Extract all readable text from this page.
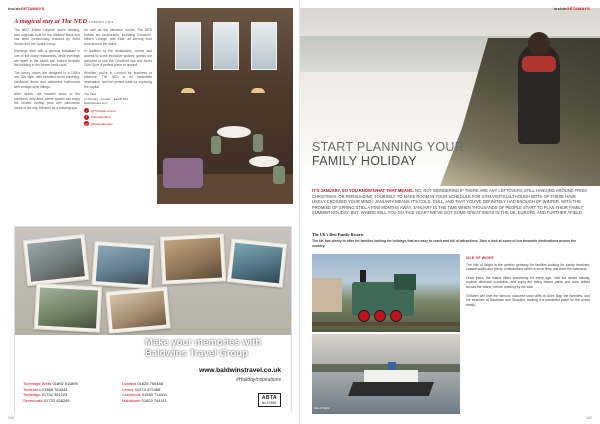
insideGETAWAYS
A magical stay at The NED LONDON CITY

The NED, Edwin Lutyens' iconic building, was originally built for the Midland Bank and has been meticulously restored by Soho House and the Sydell Group.

Mornings start with a glorious breakfast in one of the many restaurants, while evenings are spent in the vaults bar, tucked beneath the building in the former bank vault.

The luxury rooms are designed in a 1920s and 30s style, with beautiful wood panelling, hardwood floors and statement bathrooms with vintage-style fittings.

After dinner, we headed down to the members' only area, where guests can enjoy the heated rooftop pool with panoramic views of the city, followed by a relaxing spa.

As well as the fabulous rooms, The NED boasts ten restaurants, including Cecconi's, Millie's Lounge, and Kaia, all serving food from around the world.

In addition to the restaurants, rooms and access to some exclusive spaces, guests are welcome to use the Cowshed spa and Ned's Club Gym, a perfect place to unwind.

Whether you're in London for business or pleasure, The NED is an irresistible destination, and the perfect base for exploring the capital.

The Ned
27 Poultry · London · EC2R 8AJ
www.thened.com
t	@TheNedLondon
f	/thenedlondon
◎	@thenedlondon
Make your memories with Baldwins Travel Group
www.baldwinstravel.co.uk
#HolidayInspirations
Tonbridge Wells 01892 511899	Uckfield 01825 760488
Tenterden 01580 764344	Lewes 01273 472468
Tonbridge 01732 351223	Cranbrook 01580 714411
Sevenoaks 01732 458255	Maidstone 01622 744111	ABTA
No.V1546
100
insideGETAWAYS
START PLANNING YOUR
FAMILY HOLIDAY
IT'S JANUARY, SO YOU KNOW WHAT THAT MEANS. NO, NOT WONDERING IF THERE ARE ANY LEFTOVERS STILL HANGING AROUND FROM CHRISTMAS, OR PERSUADING YOURSELF TO MAKE ROOM IN YOUR SCHEDULE FOR GYM VISITS (ALTHOUGH BOTH OF THESE HAVE LIKELY CROSSED YOUR MIND). JANUARY MEANS IT'S COLD, DULL, AND THAT YOU'VE DEFINITELY HAD ENOUGH OF WINTER. WITH THE PROMISE OF SPRING STILL A FEW MONTHS AWAY, JANUARY IS THE TIME WHEN THOUSANDS OF PEOPLE START TO PLAN THEIR FAMILY SUMMER HOLIDAY. BUT, WHERE WILL YOU GO THIS YEAR? WE'VE GOT SOME GREAT IDEAS IN THE UK, EUROPE, AND FURTHER AFIELD.
The UK's Best Family Resorts
The UK has plenty to offer for families looking for holidays that are easy to reach and full of attractions. Take a look at some of our favourite destinations across the country.
Isle of Wight
ISLE OF WIGHT

The Isle of Wight is the perfect getaway for families looking for sandy beaches, coastal walks and plenty of attractions within a short ferry ride from the mainland.

Once there, the island offers something for every age. Visit the steam railway, explore dinosaur museums, and enjoy the many theme parks and zoos dotted across the island, before relaxing by the sea.

Children will love the famous coloured sand cliffs at Alum Bay, the Needles, and the beaches at Sandown and Shanklin, making it a wonderful place for the whole family.

101
